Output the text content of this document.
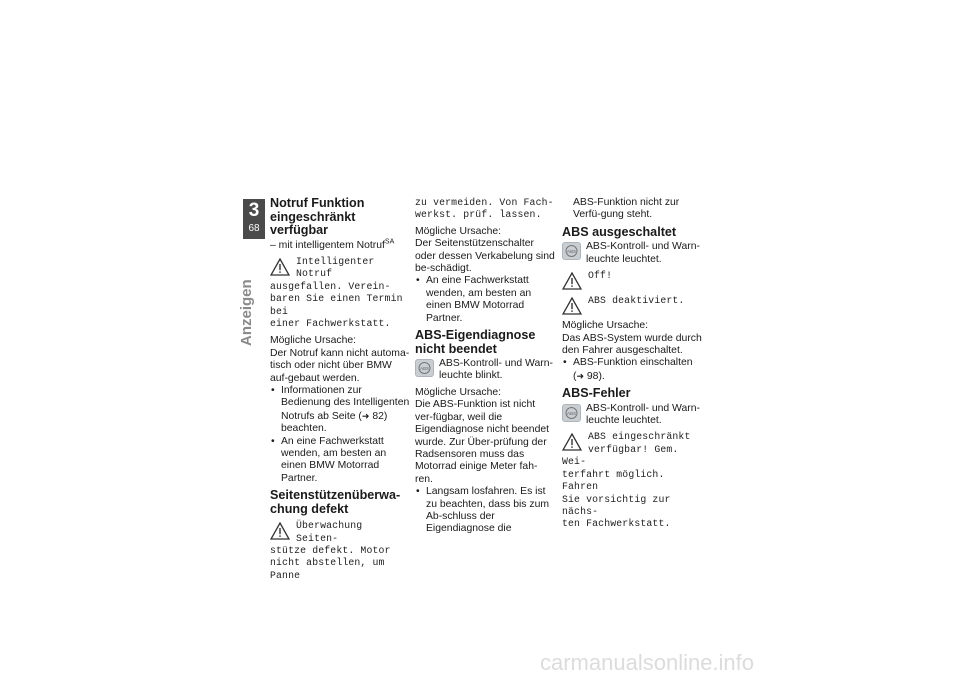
3
68
Anzeigen
Notruf Funktion eingeschränkt verfügbar

– mit intelligentem Notruf$^{SA}$

Intelligenter Notruf
ausgefallen. Verein-
baren Sie einen Termin bei
einer Fachwerkstatt.

Mögliche Ursache:

Der Notruf kann nicht automa-tisch oder nicht über BMW auf-gebaut werden.

• Informationen zur Bedienung des Intelligenten Notrufs ab Seite (➜ 82) beachten.
• An eine Fachwerkstatt wenden, am besten an einen BMW Motorrad Partner.
Seitenstützenüberwa-chung defekt
Überwachung Seiten-
stütze defekt. Motor
nicht abstellen, um Panne
zu vermeiden. Von Fach-
werkst. prüf. lassen.

Mögliche Ursache:

Der Seitenstützenschalter oder dessen Verkabelung sind be-schädigt.

• An eine Fachwerkstatt wenden, am besten an einen BMW Motorrad Partner.
ABS-Eigendiagnose nicht beendet
ABS ABS-Kontroll- und Warn-leuchte blinkt.

Mögliche Ursache:

Die ABS-Funktion ist nicht ver-fügbar, weil die Eigendiagnose nicht beendet wurde. Zur Über-prüfung der Radsensoren muss das Motorrad einige Meter fah-ren.

• Langsam losfahren. Es ist zu beachten, dass bis zum Ab-schluss der Eigendiagnose die

ABS-Funktion nicht zur Verfü-gung steht.

ABS ausgeschaltet
ABS ABS-Kontroll- und Warn-leuchte leuchtet.

Off!
ABS deaktiviert.

Mögliche Ursache:

Das ABS-System wurde durch den Fahrer ausgeschaltet.

• ABS-Funktion einschalten
(➜ 98).
ABS-Fehler
ABS ABS-Kontroll- und Warn-leuchte leuchtet.

ABS eingeschränkt
verfügbar! Gem. Wei-
terfahrt möglich. Fahren
Sie vorsichtig zur nächs-
ten Fachwerkstatt.
carmanualsonline.info
